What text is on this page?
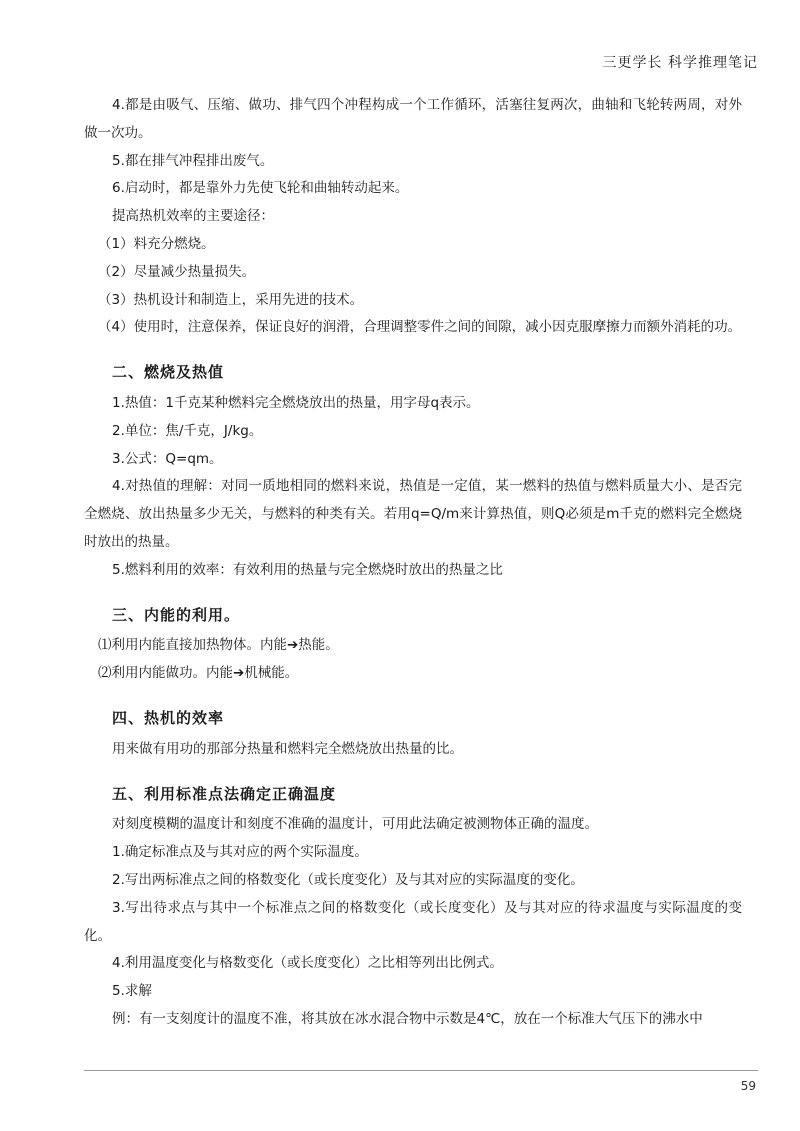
三更学长 科学推理笔记

4.都是由吸气、压缩、做功、排气四个冲程构成一个工作循环，活塞往复两次，曲轴和飞轮转两周，对外做一次功。

5.都在排气冲程排出废气。

6.启动时，都是靠外力先使飞轮和曲轴转动起来。

提高热机效率的主要途径：

（1）料充分燃烧。

（2）尽量减少热量损失。

（3）热机设计和制造上，采用先进的技术。

（4）使用时，注意保养，保证良好的润滑，合理调整零件之间的间隙，减小因克服摩擦力而额外消耗的功。

二、燃烧及热值

1.热值：1千克某种燃料完全燃烧放出的热量，用字母q表示。

2.单位：焦/千克，J/kg。

3.公式：Q=qm。

4.对热值的理解：对同一质地相同的燃料来说，热值是一定值，某一燃料的热值与燃料质量大小、是否完全燃烧、放出热量多少无关，与燃料的种类有关。若用q=Q/m来计算热值，则Q必须是m千克的燃料完全燃烧时放出的热量。

5.燃料利用的效率：有效利用的热量与完全燃烧时放出的热量之比

三、内能的利用。

⑴利用内能直接加热物体。内能➔热能。

⑵利用内能做功。内能➔机械能。

四、热机的效率

用来做有用功的那部分热量和燃料完全燃烧放出热量的比。

五、利用标准点法确定正确温度

对刻度模糊的温度计和刻度不准确的温度计，可用此法确定被测物体正确的温度。

1.确定标准点及与其对应的两个实际温度。

2.写出两标准点之间的格数变化（或长度变化）及与其对应的实际温度的变化。

3.写出待求点与其中一个标准点之间的格数变化（或长度变化）及与其对应的待求温度与实际温度的变化。

4.利用温度变化与格数变化（或长度变化）之比相等列出比例式。

5.求解

例：有一支刻度计的温度不准，将其放在冰水混合物中示数是4℃，放在一个标准大气压下的沸水中

59
